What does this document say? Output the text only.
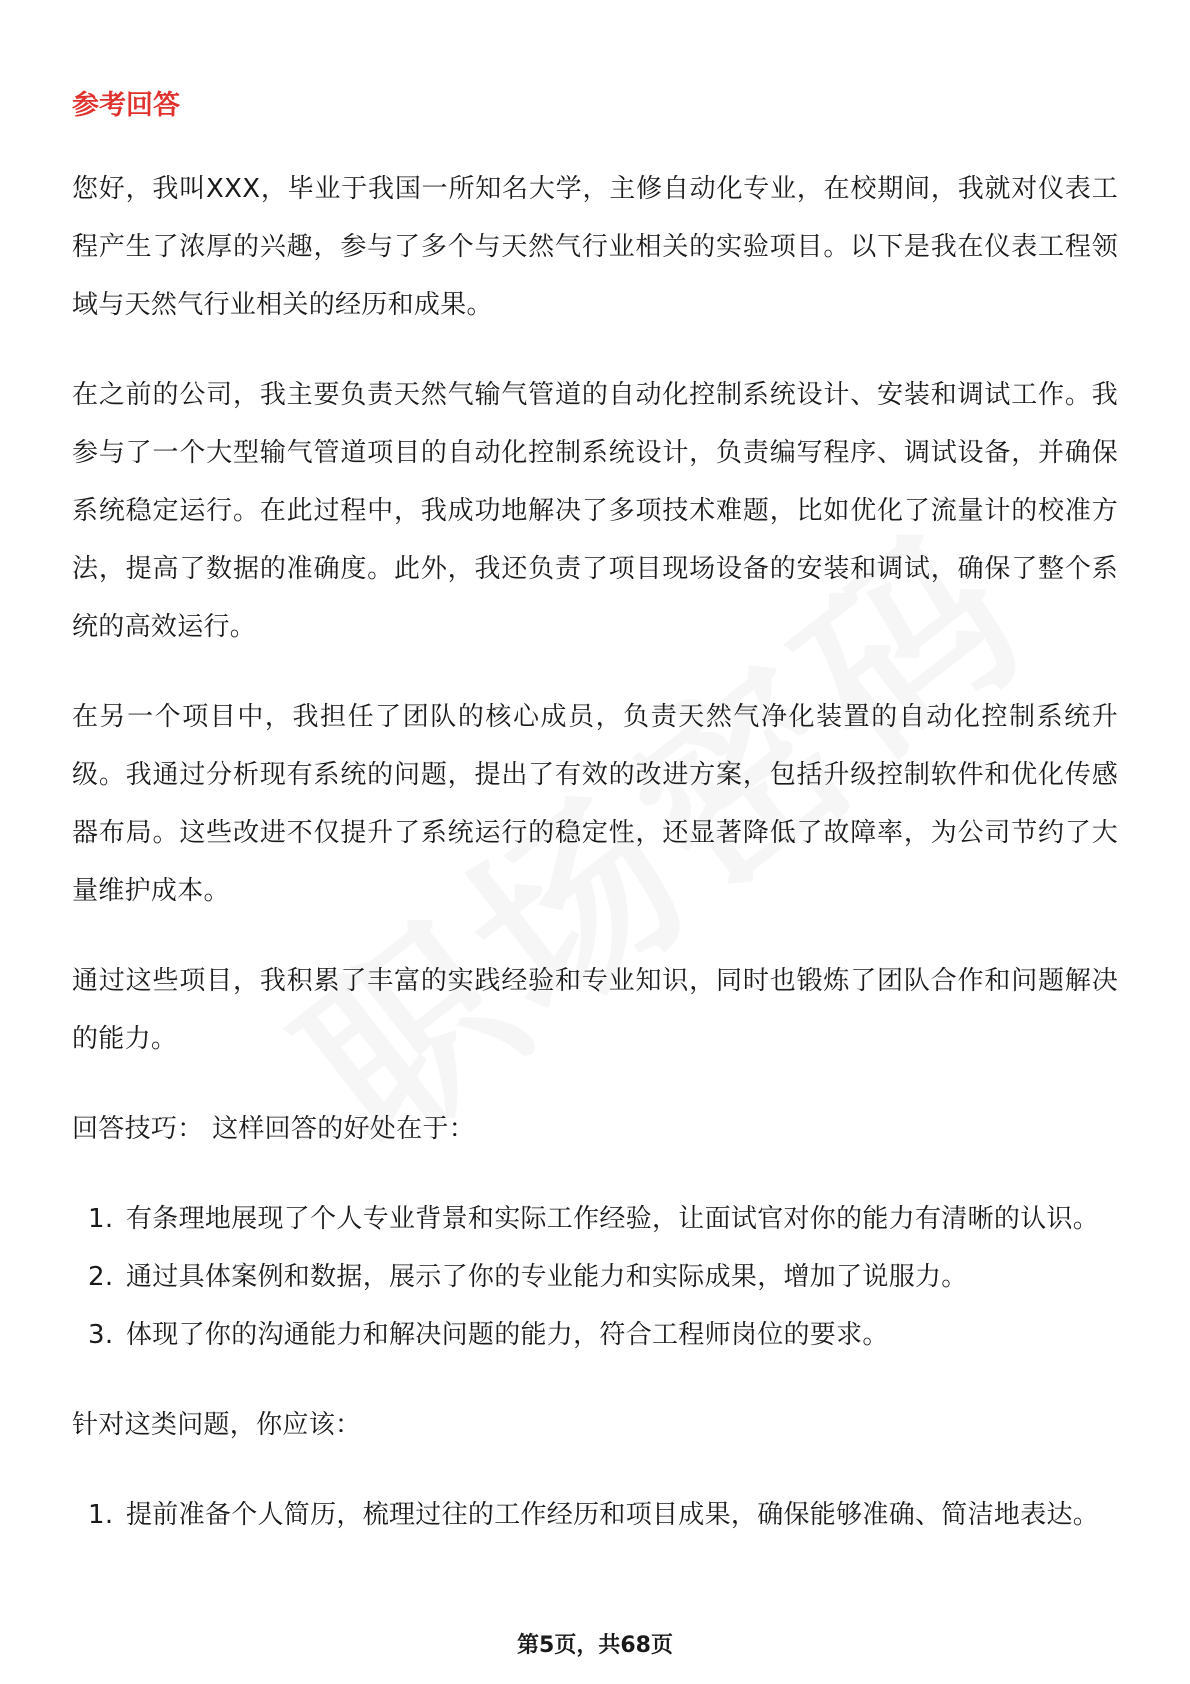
参考回答

您好，我叫XXX，毕业于我国一所知名大学，主修自动化专业，在校期间，我就对仪表工程产生了浓厚的兴趣，参与了多个与天然气行业相关的实验项目。以下是我在仪表工程领域与天然气行业相关的经历和成果。

在之前的公司，我主要负责天然气输气管道的自动化控制系统设计、安装和调试工作。我参与了一个大型输气管道项目的自动化控制系统设计，负责编写程序、调试设备，并确保系统稳定运行。在此过程中，我成功地解决了多项技术难题，比如优化了流量计的校准方法，提高了数据的准确度。此外，我还负责了项目现场设备的安装和调试，确保了整个系统的高效运行。

在另一个项目中，我担任了团队的核心成员，负责天然气净化装置的自动化控制系统升级。我通过分析现有系统的问题，提出了有效的改进方案，包括升级控制软件和优化传感器布局。这些改进不仅提升了系统运行的稳定性，还显著降低了故障率，为公司节约了大量维护成本。

通过这些项目，我积累了丰富的实践经验和专业知识，同时也锻炼了团队合作和问题解决的能力。

回答技巧： 这样回答的好处在于：
1. 有条理地展现了个人专业背景和实际工作经验，让面试官对你的能力有清晰的认识。
2. 通过具体案例和数据，展示了你的专业能力和实际成果，增加了说服力。
3. 体现了你的沟通能力和解决问题的能力，符合工程师岗位的要求。
针对这类问题，你应该：
1. 提前准备个人简历，梳理过往的工作经历和项目成果，确保能够准确、简洁地表达。
第5页，共68页
